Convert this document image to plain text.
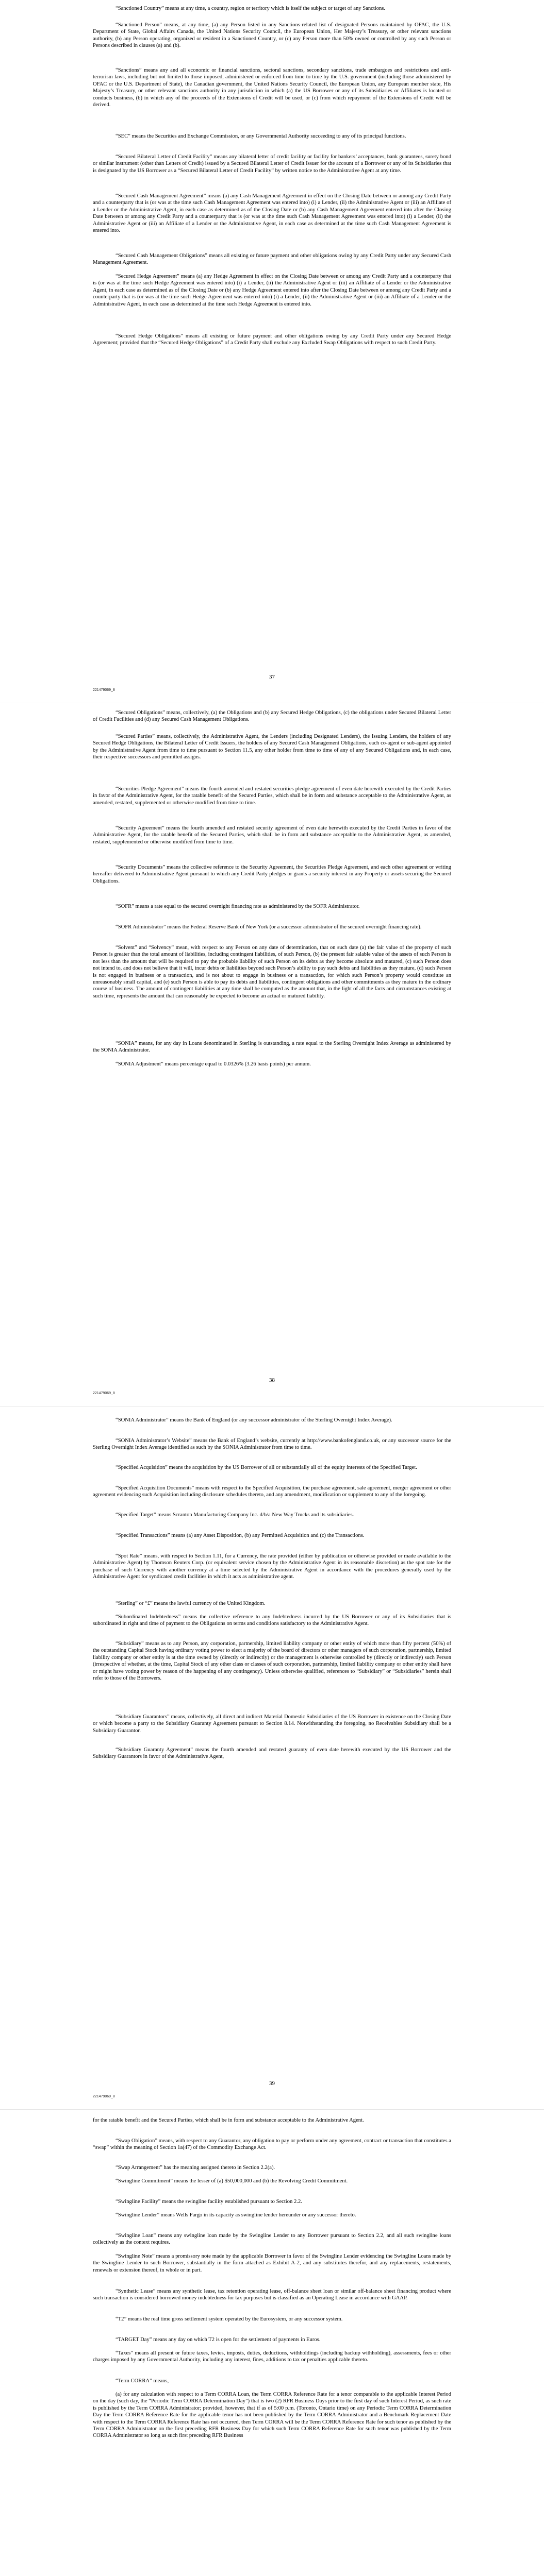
“Sanctioned Country” means at any time, a country, region or territory which is itself the subject or target of any Sanctions.

“Sanctioned Person” means, at any time, (a) any Person listed in any Sanctions-related list of designated Persons maintained by OFAC, the U.S. Department of State, Global Affairs Canada, the United Nations Security Council, the European Union, Her Majesty’s Treasury, or other relevant sanctions authority, (b) any Person operating, organized or resident in a Sanctioned Country, or (c) any Person more than 50% owned or controlled by any such Person or Persons described in clauses (a) and (b).

“Sanctions” means any and all economic or financial sanctions, sectoral sanctions, secondary sanctions, trade embargoes and restrictions and anti-terrorism laws, including but not limited to those imposed, administered or enforced from time to time by the U.S. government (including those administered by OFAC or the U.S. Department of State), the Canadian government, the United Nations Security Council, the European Union, any European member state, His Majesty’s Treasury, or other relevant sanctions authority in any jurisdiction in which (a) the US Borrower or any of its Subsidiaries or Affiliates is located or conducts business, (b) in which any of the proceeds of the Extensions of Credit will be used, or (c) from which repayment of the Extensions of Credit will be derived.

“SEC” means the Securities and Exchange Commission, or any Governmental Authority succeeding to any of its principal functions.

“Secured Bilateral Letter of Credit Facility” means any bilateral letter of credit facility or facility for bankers’ acceptances, bank guarantees, surety bond or similar instrument (other than Letters of Credit) issued by a Secured Bilateral Letter of Credit Issuer for the account of a Borrower or any of its Subsidiaries that is designated by the US Borrower as a “Secured Bilateral Letter of Credit Facility” by written notice to the Administrative Agent at any time.

“Secured Cash Management Agreement” means (a) any Cash Management Agreement in effect on the Closing Date between or among any Credit Party and a counterparty that is (or was at the time such Cash Management Agreement was entered into) (i) a Lender, (ii) the Administrative Agent or (iii) an Affiliate of a Lender or the Administrative Agent, in each case as determined as of the Closing Date or (b) any Cash Management Agreement entered into after the Closing Date between or among any Credit Party and a counterparty that is (or was at the time such Cash Management Agreement was entered into) (i) a Lender, (ii) the Administrative Agent or (iii) an Affiliate of a Lender or the Administrative Agent, in each case as determined at the time such Cash Management Agreement is entered into.

“Secured Cash Management Obligations” means all existing or future payment and other obligations owing by any Credit Party under any Secured Cash Management Agreement.

“Secured Hedge Agreement” means (a) any Hedge Agreement in effect on the Closing Date between or among any Credit Party and a counterparty that is (or was at the time such Hedge Agreement was entered into) (i) a Lender, (ii) the Administrative Agent or (iii) an Affiliate of a Lender or the Administrative Agent, in each case as determined as of the Closing Date or (b) any Hedge Agreement entered into after the Closing Date between or among any Credit Party and a counterparty that is (or was at the time such Hedge Agreement was entered into) (i) a Lender, (ii) the Administrative Agent or (iii) an Affiliate of a Lender or the Administrative Agent, in each case as determined at the time such Hedge Agreement is entered into.

“Secured Hedge Obligations” means all existing or future payment and other obligations owing by any Credit Party under any Secured Hedge Agreement; provided that the “Secured Hedge Obligations” of a Credit Party shall exclude any Excluded Swap Obligations with respect to such Credit Party.

37

221479069_8

“Secured Obligations” means, collectively, (a) the Obligations and (b) any Secured Hedge Obligations, (c) the obligations under Secured Bilateral Letter of Credit Facilities and (d) any Secured Cash Management Obligations.

“Secured Parties” means, collectively, the Administrative Agent, the Lenders (including Designated Lenders), the Issuing Lenders, the holders of any Secured Hedge Obligations, the Bilateral Letter of Credit Issuers, the holders of any Secured Cash Management Obligations, each co-agent or sub-agent appointed by the Administrative Agent from time to time pursuant to Section 11.5, any other holder from time to time of any of any Secured Obligations and, in each case, their respective successors and permitted assigns.

“Securities Pledge Agreement” means the fourth amended and restated securities pledge agreement of even date herewith executed by the Credit Parties in favor of the Administrative Agent, for the ratable benefit of the Secured Parties, which shall be in form and substance acceptable to the Administrative Agent, as amended, restated, supplemented or otherwise modified from time to time.

“Security Agreement” means the fourth amended and restated security agreement of even date herewith executed by the Credit Parties in favor of the Administrative Agent, for the ratable benefit of the Secured Parties, which shall be in form and substance acceptable to the Administrative Agent, as amended, restated, supplemented or otherwise modified from time to time.

“Security Documents” means the collective reference to the Security Agreement, the Securities Pledge Agreement, and each other agreement or writing hereafter delivered to Administrative Agent pursuant to which any Credit Party pledges or grants a security interest in any Property or assets securing the Secured Obligations.

“SOFR” means a rate equal to the secured overnight financing rate as administered by the SOFR Administrator.

“SOFR Administrator” means the Federal Reserve Bank of New York (or a successor administrator of the secured overnight financing rate).

“Solvent” and “Solvency” mean, with respect to any Person on any date of determination, that on such date (a) the fair value of the property of such Person is greater than the total amount of liabilities, including contingent liabilities, of such Person, (b) the present fair salable value of the assets of such Person is not less than the amount that will be required to pay the probable liability of such Person on its debts as they become absolute and matured, (c) such Person does not intend to, and does not believe that it will, incur debts or liabilities beyond such Person’s ability to pay such debts and liabilities as they mature, (d) such Person is not engaged in business or a transaction, and is not about to engage in business or a transaction, for which such Person’s property would constitute an unreasonably small capital, and (e) such Person is able to pay its debts and liabilities, contingent obligations and other commitments as they mature in the ordinary course of business. The amount of contingent liabilities at any time shall be computed as the amount that, in the light of all the facts and circumstances existing at such time, represents the amount that can reasonably be expected to become an actual or matured liability.

“SONIA” means, for any day in Loans denominated in Sterling is outstanding, a rate equal to the Sterling Overnight Index Average as administered by the SONIA Administrator.

“SONIA Adjustment” means percentage equal to 0.0326% (3.26 basis points) per annum.

38

221479069_8

“SONIA Administrator” means the Bank of England (or any successor administrator of the Sterling Overnight Index Average).

“SONIA Administrator’s Website” means the Bank of England’s website, currently at http://www.bankofengland.co.uk, or any successor source for the Sterling Overnight Index Average identified as such by the SONIA Administrator from time to time.

“Specified Acquisition” means the acquisition by the US Borrower of all or substantially all of the equity interests of the Specified Target.

“Specified Acquisition Documents” means with respect to the Specified Acquisition, the purchase agreement, sale agreement, merger agreement or other agreement evidencing such Acquisition including disclosure schedules thereto, and any amendment, modification or supplement to any of the foregoing.

“Specified Target” means Scranton Manufacturing Company Inc. d/b/a New Way Trucks and its subsidiaries.

“Specified Transactions” means (a) any Asset Disposition, (b) any Permitted Acquisition and (c) the Transactions.

“Spot Rate” means, with respect to Section 1.11, for a Currency, the rate provided (either by publication or otherwise provided or made available to the Administrative Agent) by Thomson Reuters Corp. (or equivalent service chosen by the Administrative Agent in its reasonable discretion) as the spot rate for the purchase of such Currency with another currency at a time selected by the Administrative Agent in accordance with the procedures generally used by the Administrative Agent for syndicated credit facilities in which it acts as administrative agent.

“Sterling” or “£” means the lawful currency of the United Kingdom.

“Subordinated Indebtedness” means the collective reference to any Indebtedness incurred by the US Borrower or any of its Subsidiaries that is subordinated in right and time of payment to the Obligations on terms and conditions satisfactory to the Administrative Agent.

“Subsidiary” means as to any Person, any corporation, partnership, limited liability company or other entity of which more than fifty percent (50%) of the outstanding Capital Stock having ordinary voting power to elect a majority of the board of directors or other managers of such corporation, partnership, limited liability company or other entity is at the time owned by (directly or indirectly) or the management is otherwise controlled by (directly or indirectly) such Person (irrespective of whether, at the time, Capital Stock of any other class or classes of such corporation, partnership, limited liability company or other entity shall have or might have voting power by reason of the happening of any contingency). Unless otherwise qualified, references to “Subsidiary” or “Subsidiaries” herein shall refer to those of the Borrowers.

“Subsidiary Guarantors” means, collectively, all direct and indirect Material Domestic Subsidiaries of the US Borrower in existence on the Closing Date or which become a party to the Subsidiary Guaranty Agreement pursuant to Section 8.14. Notwithstanding the foregoing, no Receivables Subsidiary shall be a Subsidiary Guarantor.

“Subsidiary Guaranty Agreement” means the fourth amended and restated guaranty of even date herewith executed by the US Borrower and the Subsidiary Guarantors in favor of the Administrative Agent,

39

221479069_8

for the ratable benefit and the Secured Parties, which shall be in form and substance acceptable to the Administrative Agent.

“Swap Obligation” means, with respect to any Guarantor, any obligation to pay or perform under any agreement, contract or transaction that constitutes a “swap” within the meaning of Section 1a(47) of the Commodity Exchange Act.

“Swap Arrangement” has the meaning assigned thereto in Section 2.2(a).

“Swingline Commitment” means the lesser of (a) $50,000,000 and (b) the Revolving Credit Commitment.

“Swingline Facility” means the swingline facility established pursuant to Section 2.2.

“Swingline Lender” means Wells Fargo in its capacity as swingline lender hereunder or any successor thereto.

“Swingline Loan” means any swingline loan made by the Swingline Lender to any Borrower pursuant to Section 2.2, and all such swingline loans collectively as the context requires.

“Swingline Note” means a promissory note made by the applicable Borrower in favor of the Swingline Lender evidencing the Swingline Loans made by the Swingline Lender to such Borrower, substantially in the form attached as Exhibit A-2, and any substitutes therefor, and any replacements, restatements, renewals or extension thereof, in whole or in part.

“Synthetic Lease” means any synthetic lease, tax retention operating lease, off-balance sheet loan or similar off-balance sheet financing product where such transaction is considered borrowed money indebtedness for tax purposes but is classified as an Operating Lease in accordance with GAAP.

“T2” means the real time gross settlement system operated by the Eurosystem, or any successor system.

“TARGET Day” means any day on which T2 is open for the settlement of payments in Euros.

“Taxes” means all present or future taxes, levies, imposts, duties, deductions, withholdings (including backup withholding), assessments, fees or other charges imposed by any Governmental Authority, including any interest, fines, additions to tax or penalties applicable thereto.

“Term CORRA” means,

(a) for any calculation with respect to a Term CORRA Loan, the Term CORRA Reference Rate for a tenor comparable to the applicable Interest Period on the day (such day, the “Periodic Term CORRA Determination Day”) that is two (2) RFR Business Days prior to the first day of such Interest Period, as such rate is published by the Term CORRA Administrator; provided, however, that if as of 5:00 p.m. (Toronto, Ontario time) on any Periodic Term CORRA Determination Day the Term CORRA Reference Rate for the applicable tenor has not been published by the Term CORRA Administrator and a Benchmark Replacement Date with respect to the Term CORRA Reference Rate has not occurred, then Term CORRA will be the Term CORRA Reference Rate for such tenor as published by the Term CORRA Administrator on the first preceding RFR Business Day for which such Term CORRA Reference Rate for such tenor was published by the Term CORRA Administrator so long as such first preceding RFR Business
